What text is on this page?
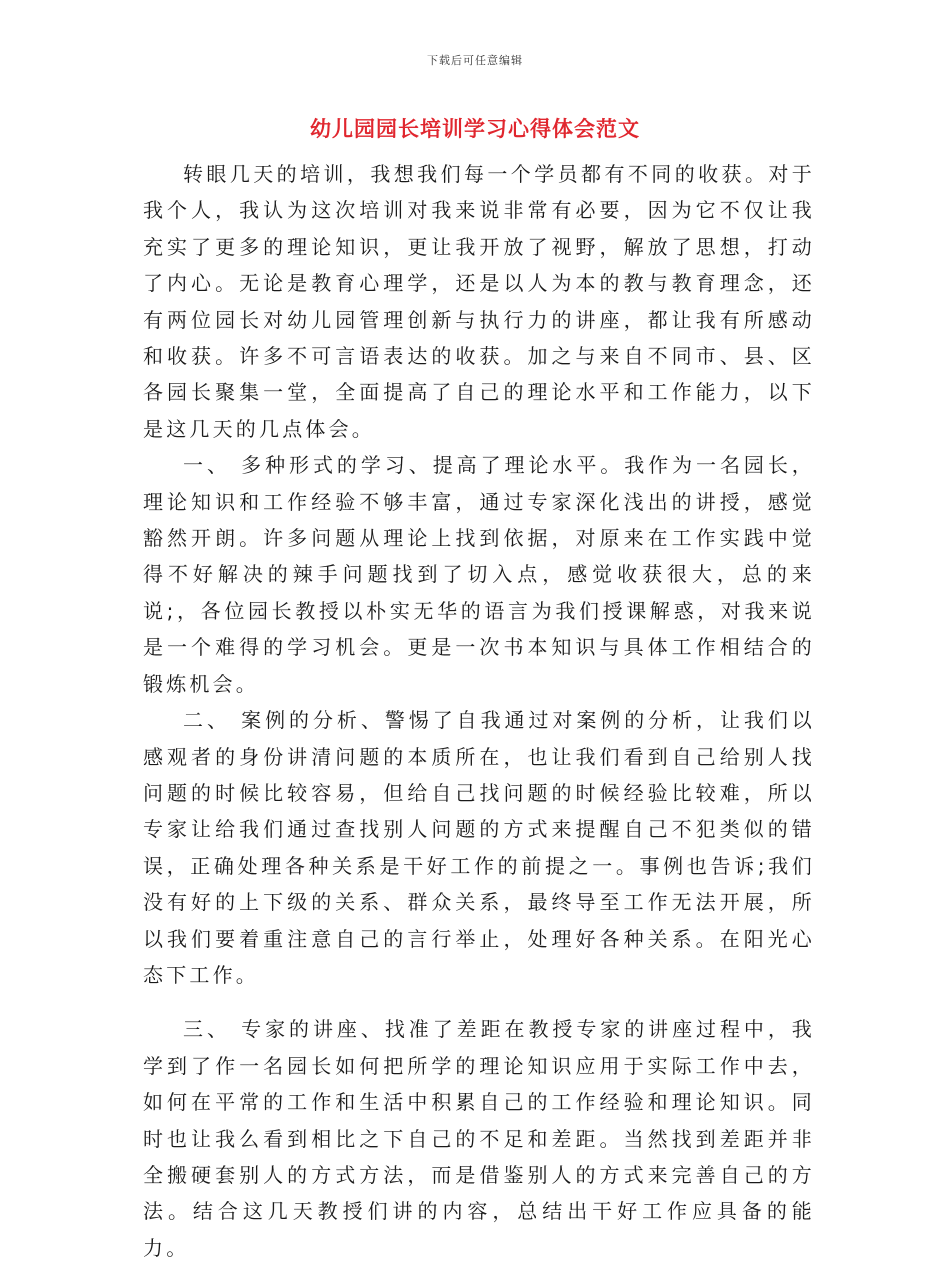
下载后可任意编辑
幼儿园园长培训学习心得体会范文

转眼几天的培训，我想我们每一个学员都有不同的收获。对于我个人，我认为这次培训对我来说非常有必要，因为它不仅让我充实了更多的理论知识，更让我开放了视野，解放了思想，打动了内心。无论是教育心理学，还是以人为本的教与教育理念，还有两位园长对幼儿园管理创新与执行力的讲座，都让我有所感动和收获。许多不可言语表达的收获。加之与来自不同市、县、区各园长聚集一堂，全面提高了自己的理论水平和工作能力，以下是这几天的几点体会。

一、 多种形式的学习、提高了理论水平。我作为一名园长，理论知识和工作经验不够丰富，通过专家深化浅出的讲授，感觉豁然开朗。许多问题从理论上找到依据，对原来在工作实践中觉得不好解决的辣手问题找到了切入点，感觉收获很大，总的来说;，各位园长教授以朴实无华的语言为我们授课解惑，对我来说是一个难得的学习机会。更是一次书本知识与具体工作相结合的锻炼机会。

二、 案例的分析、警惕了自我通过对案例的分析，让我们以感观者的身份讲清问题的本质所在，也让我们看到自己给别人找问题的时候比较容易，但给自己找问题的时候经验比较难，所以专家让给我们通过查找别人问题的方式来提醒自己不犯类似的错误，正确处理各种关系是干好工作的前提之一。事例也告诉;我们没有好的上下级的关系、群众关系，最终导至工作无法开展，所以我们要着重注意自己的言行举止，处理好各种关系。在阳光心态下工作。

三、 专家的讲座、找准了差距在教授专家的讲座过程中，我学到了作一名园长如何把所学的理论知识应用于实际工作中去，如何在平常的工作和生活中积累自己的工作经验和理论知识。同时也让我么看到相比之下自己的不足和差距。当然找到差距并非全搬硬套别人的方式方法，而是借鉴别人的方式来完善自己的方法。结合这几天教授们讲的内容，总结出干好工作应具备的能力。
